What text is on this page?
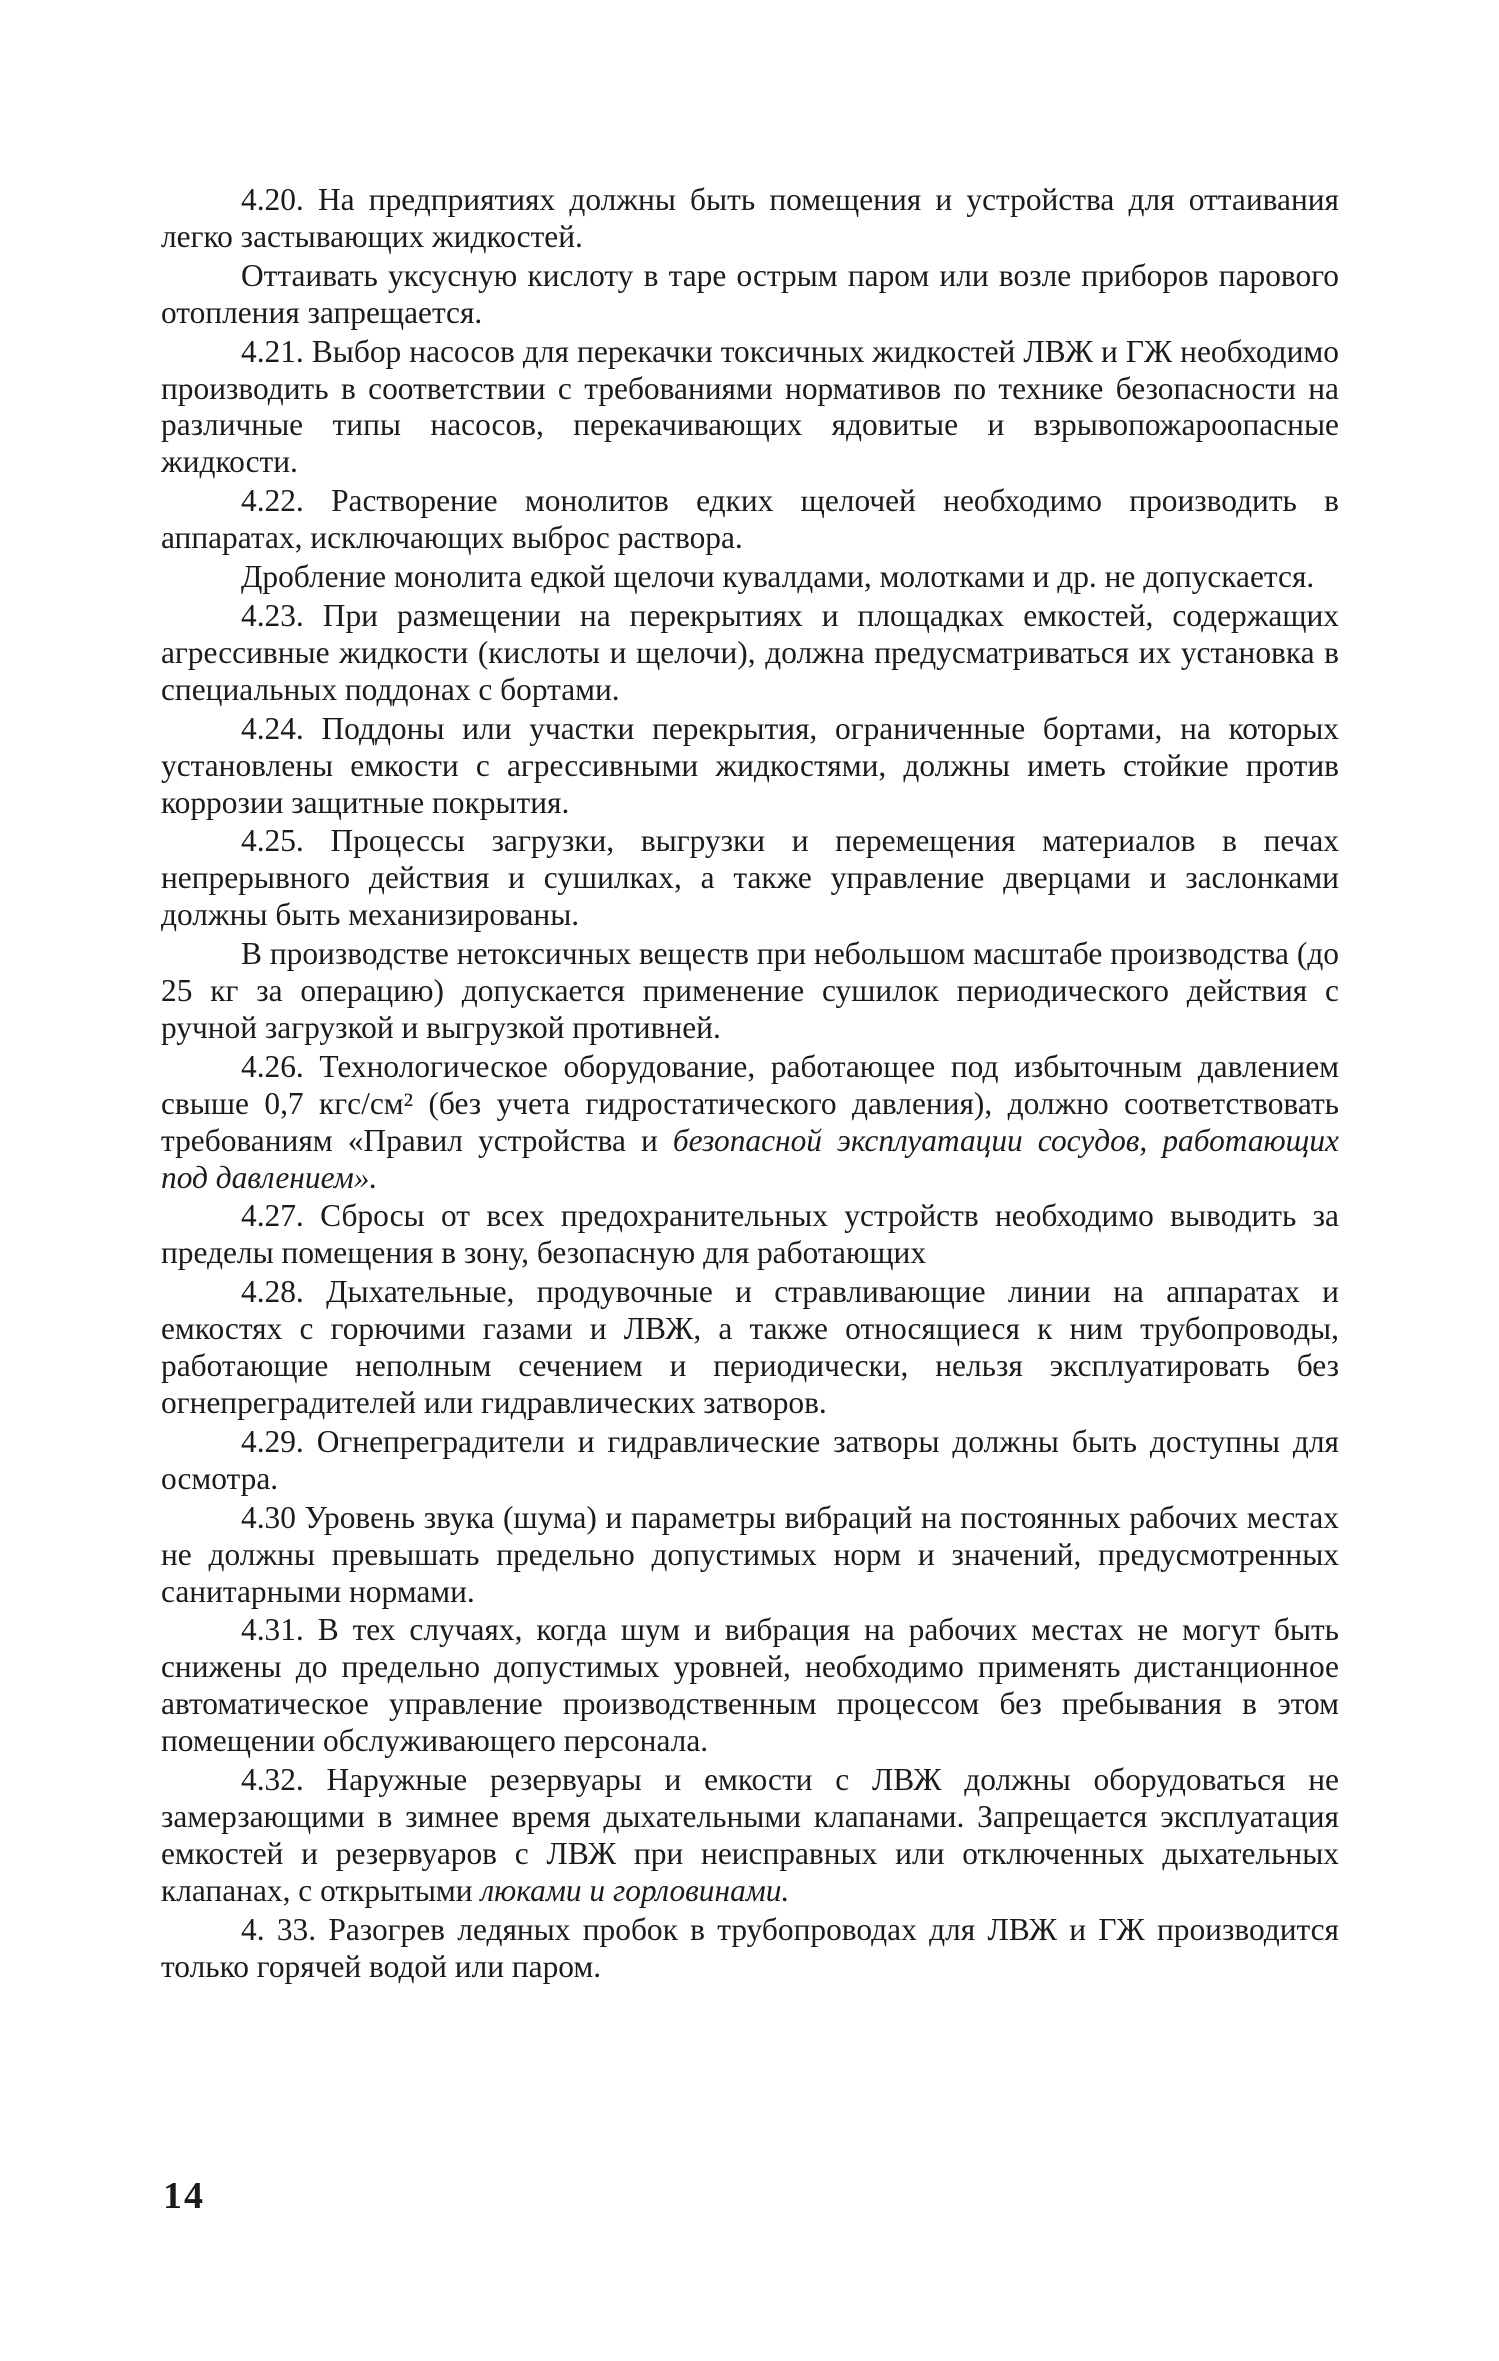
4.20. На предприятиях должны быть помещения и устройства для оттаивания легко застывающих жидкостей.

Оттаивать уксусную кислоту в таре острым паром или возле приборов парового отопления запрещается.

4.21. Выбор насосов для перекачки токсичных жидкостей ЛВЖ и ГЖ необходимо производить в соответствии с требованиями нормативов по технике безопасности на различные типы насосов, перекачивающих ядовитые и взрывопожароопасные жидкости.

4.22. Растворение монолитов едких щелочей необходимо производить в аппаратах, исключающих выброс раствора.

Дробление монолита едкой щелочи кувалдами, молотками и др. не допускается.

4.23. При размещении на перекрытиях и площадках емкостей, содержащих агрессивные жидкости (кислоты и щелочи), должна предусматриваться их установка в специальных поддонах с бортами.

4.24. Поддоны или участки перекрытия, ограниченные бортами, на которых установлены емкости с агрессивными жидкостями, должны иметь стойкие против коррозии защитные покрытия.

4.25. Процессы загрузки, выгрузки и перемещения материалов в печах непрерывного действия и сушилках, а также управление дверцами и заслонками должны быть механизированы.

В производстве нетоксичных веществ при небольшом масштабе производства (до 25 кг за операцию) допускается применение сушилок периодического действия с ручной загрузкой и выгрузкой противней.

4.26. Технологическое оборудование, работающее под избыточным давлением свыше 0,7 кгс/см² (без учета гидростатического давления), должно соответствовать требованиям «Правил устройства и безопасной эксплуатации сосудов, работающих под давлением».

4.27. Сбросы от всех предохранительных устройств необходимо выводить за пределы помещения в зону, безопасную для работающих

4.28. Дыхательные, продувочные и стравливающие линии на аппаратах и емкостях с горючими газами и ЛВЖ, а также относящиеся к ним трубопроводы, работающие неполным сечением и периодически, нельзя эксплуатировать без огнепреградителей или гидравлических затворов.

4.29. Огнепреградители и гидравлические затворы должны быть доступны для осмотра.

4.30 Уровень звука (шума) и параметры вибраций на постоянных рабочих местах не должны превышать предельно допустимых норм и значений, предусмотренных санитарными нормами.

4.31. В тех случаях, когда шум и вибрация на рабочих местах не могут быть снижены до предельно допустимых уровней, необходимо применять дистанционное автоматическое управление производственным процессом без пребывания в этом помещении обслуживающего персонала.

4.32. Наружные резервуары и емкости с ЛВЖ должны оборудоваться не замерзающими в зимнее время дыхательными клапанами. Запрещается эксплуатация емкостей и резервуаров с ЛВЖ при неисправных или отключенных дыхательных клапанах, с открытыми люками и горловинами.

4. 33. Разогрев ледяных пробок в трубопроводах для ЛВЖ и ГЖ производится только горячей водой или паром.

14
